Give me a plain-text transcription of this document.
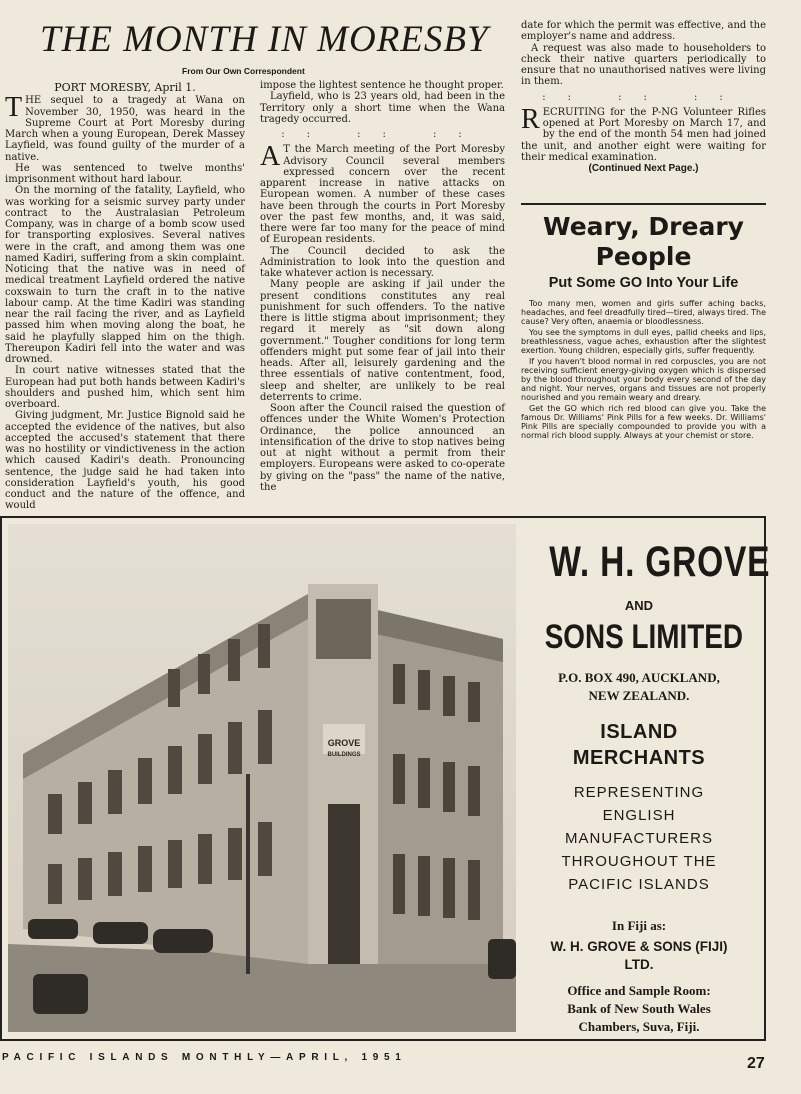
THE MONTH IN MORESBY
From Our Own Correspondent

PORT MORESBY, April 1.

THE sequel to a tragedy at Wana on November 30, 1950, was heard in the Supreme Court at Port Moresby during March when a young European, Derek Massey Layfield, was found guilty of the murder of a native.

He was sentenced to twelve months' imprisonment without hard labour.

On the morning of the fatality, Layfield, who was working for a seismic survey party under contract to the Australasian Petroleum Company, was in charge of a bomb scow used for transporting explosives. Several natives were in the craft, and among them was one named Kadiri, suffering from a skin complaint. Noticing that the native was in need of medical treatment Layfield ordered the native coxswain to turn the craft in to the native labour camp. At the time Kadiri was standing near the rail facing the river, and as Layfield passed him when moving along the boat, he said he playfully slapped him on the thigh. Thereupon Kadiri fell into the water and was drowned.

In court native witnesses stated that the European had put both hands between Kadiri's shoulders and pushed him, which sent him overboard.

Giving judgment, Mr. Justice Bignold said he accepted the evidence of the natives, but also accepted the accused's statement that there was no hostility or vindictiveness in the action which caused Kadiri's death. Pronouncing sentence, the judge said he had taken into consideration Layfield's youth, his good conduct and the nature of the offence, and would

impose the lightest sentence he thought proper.

Layfield, who is 23 years old, had been in the Territory only a short time when the Wana tragedy occurred.

:: :: ::

A T the March meeting of the Port Moresby Advisory Council several members expressed concern over the recent apparent increase in native attacks on European women. A number of these cases have been through the courts in Port Moresby over the past few months, and, it was said, there were far too many for the peace of mind of European residents.

The Council decided to ask the Administration to look into the question and take whatever action is necessary.

Many people are asking if jail under the present conditions constitutes any real punishment for such offenders. To the native there is little stigma about imprisonment; they regard it merely as "sit down along government." Tougher conditions for long term offenders might put some fear of jail into their heads. After all, leisurely gardening and the three essentials of native contentment, food, sleep and shelter, are unlikely to be real deterrents to crime.

Soon after the Council raised the question of offences under the White Women's Protection Ordinance, the police announced an intensification of the drive to stop natives being out at night without a permit from their employers. Europeans were asked to co-operate by giving on the "pass" the name of the native, the

date for which the permit was effective, and the employer's name and address.

A request was also made to householders to check their native quarters periodically to ensure that no unauthorised natives were living in them.

:: :: ::

RECRUITING for the P-NG Volunteer Rifles opened at Port Moresby on March 17, and by the end of the month 54 men had joined the unit, and another eight were waiting for their medical examination.

(Continued Next Page.)

Weary, Dreary
People
Put Some GO Into Your Life

Too many men, women and girls suffer aching backs, headaches, and feel dreadfully tired—tired, always tired. The cause? Very often, anaemia or bloodlessness.

You see the symptoms in dull eyes, pallid cheeks and lips, breathlessness, vague aches, exhaustion after the slightest exertion. Young children, especially girls, suffer frequently.

If you haven't blood normal in red corpuscles, you are not receiving sufficient energy-giving oxygen which is dispersed by the blood throughout your body every second of the day and night. Your nerves, organs and tissues are not properly nourished and you remain weary and dreary.

Get the GO which rich red blood can give you. Take the famous Dr. Williams' Pink Pills for a few weeks. Dr. Williams' Pink Pills are specially compounded to provide you with a normal rich blood supply. Always at your chemist or store.

GROVE
BUILDINGS
W. H. GROVE
AND
SONS LIMITED
P.O. BOX 490, AUCKLAND,
NEW ZEALAND.
ISLAND
MERCHANTS
REPRESENTING
ENGLISH
MANUFACTURERS
THROUGHOUT THE
PACIFIC ISLANDS
In Fiji as:
W. H. GROVE & SONS (FIJI)
LTD.
Office and Sample Room:
Bank of New South Wales
Chambers, Suva, Fiji.
PACIFIC ISLANDS MONTHLY—APRIL, 1951	27
